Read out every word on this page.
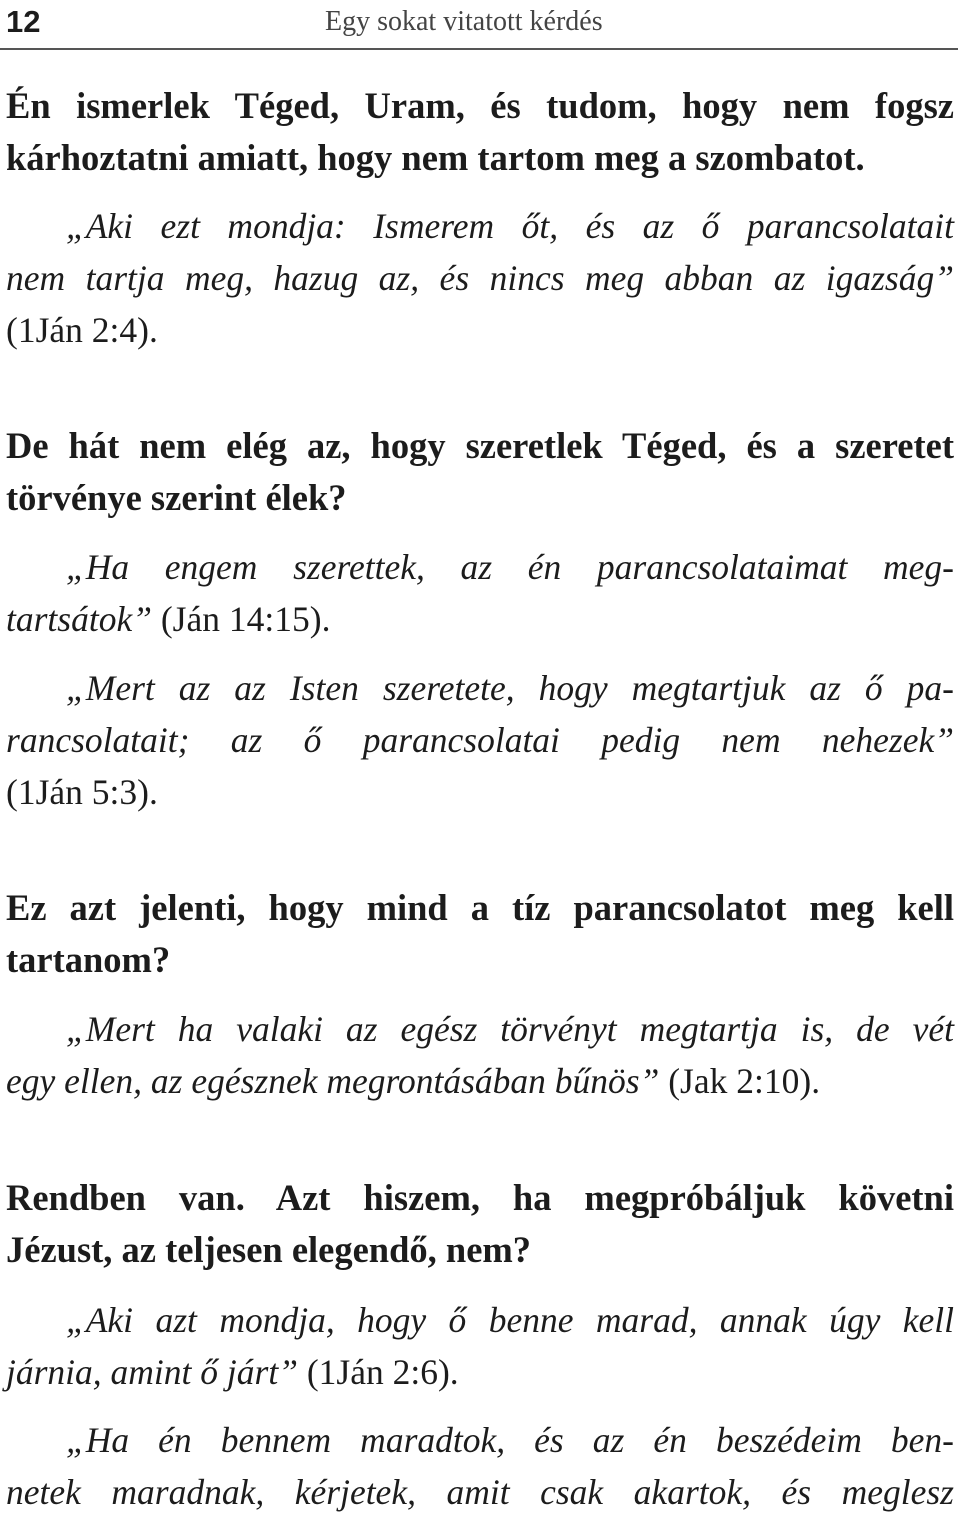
12	Egy sokat vitatott kérdés
Én ismerlek Téged, Uram, és tudom, hogy nem fogsz
kárhoztatni amiatt, hogy nem tartom meg a szombatot.
„Aki ezt mondja: Ismerem őt, és az ő parancsolatait
nem tartja meg, hazug az, és nincs meg abban az igazság”
(1Ján 2:4).
De hát nem elég az, hogy szeretlek Téged, és a szeretet
törvénye szerint élek?
„Ha engem szerettek, az én parancsolataimat meg-
tartsátok” (Ján 14:15).
„Mert az az Isten szeretete, hogy megtartjuk az ő pa-
rancsolatait; az ő parancsolatai pedig nem nehezek”
(1Ján 5:3).
Ez azt jelenti, hogy mind a tíz parancsolatot meg kell
tartanom?
„Mert ha valaki az egész törvényt megtartja is, de vét
egy ellen, az egésznek megrontásában bűnös” (Jak 2:10).
Rendben van. Azt hiszem, ha megpróbáljuk követni
Jézust, az teljesen elegendő, nem?
„Aki azt mondja, hogy ő benne marad, annak úgy kell
járnia, amint ő járt” (1Ján 2:6).
„Ha én bennem maradtok, és az én beszédeim ben-
netek maradnak, kérjetek, amit csak akartok, és meglesz
